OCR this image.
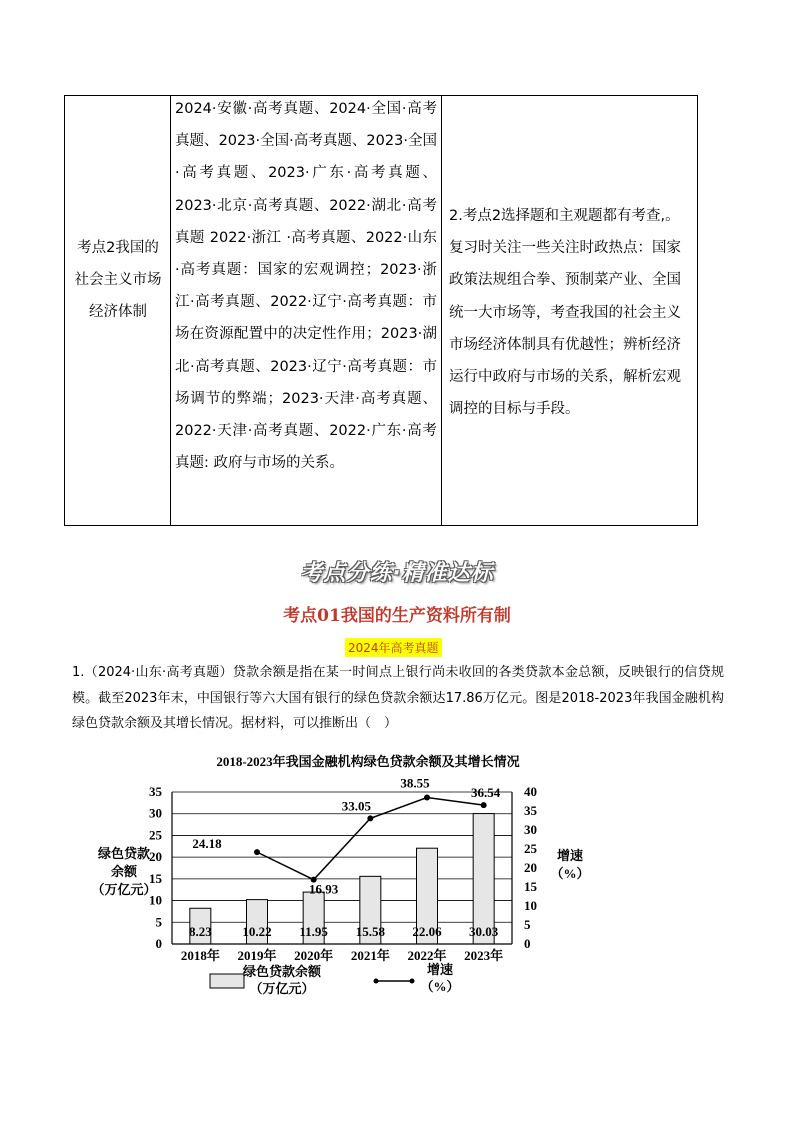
考点2我国的社会主义市场经济体制
2024·安徽·高考真题、2024·全国·高考真题、2023·全国·高考真题、2023·全国·高考真题、2023·广东·高考真题、2023·北京·高考真题、2022·湖北·高考真题 2022·浙江 ·高考真题、2022·山东 ·高考真题：国家的宏观调控；2023·浙江·高考真题、2022·辽宁·高考真题：市场在资源配置中的决定性作用；2023·湖北·高考真题、2023·辽宁·高考真题：市场调节的弊端；2023·天津·高考真题、2022·天津·高考真题、2022·广东·高考真题: 政府与市场的关系。
2.考点2选择题和主观题都有考查,。复习时关注一些关注时政热点：国家政策法规组合拳、预制菜产业、全国统一大市场等，考查我国的社会主义市场经济体制具有优越性；辨析经济运行中政府与市场的关系，解析宏观调控的目标与手段。
考点分练·精准达标
考点01我国的生产资料所有制
2024年高考真题
1.（2024·山东·高考真题）贷款余额是指在某一时间点上银行尚未收回的各类贷款本金总额，反映银行的信贷规模。截至2023年末，中国银行等六大国有银行的绿色贷款余额达17.86万亿元。图是2018-2023年我国金融机构绿色贷款余额及其增长情况。据材料，可以推断出（　）
2018-2023年我国金融机构绿色贷款余额及其增长情况
0
5
10
15
20
25
30
35
0
5
10
15
20
25
30
35
40
8.23 10.22 11.95 15.58 22.06 30.03
24.18
16.93
33.05
38.55
36.54
2018年 2019年 2020年 2021年 2022年 2023年
绿色贷款
余额
（万亿元）
增速
（%）
绿色贷款余额
（万亿元）
增速
（%）
